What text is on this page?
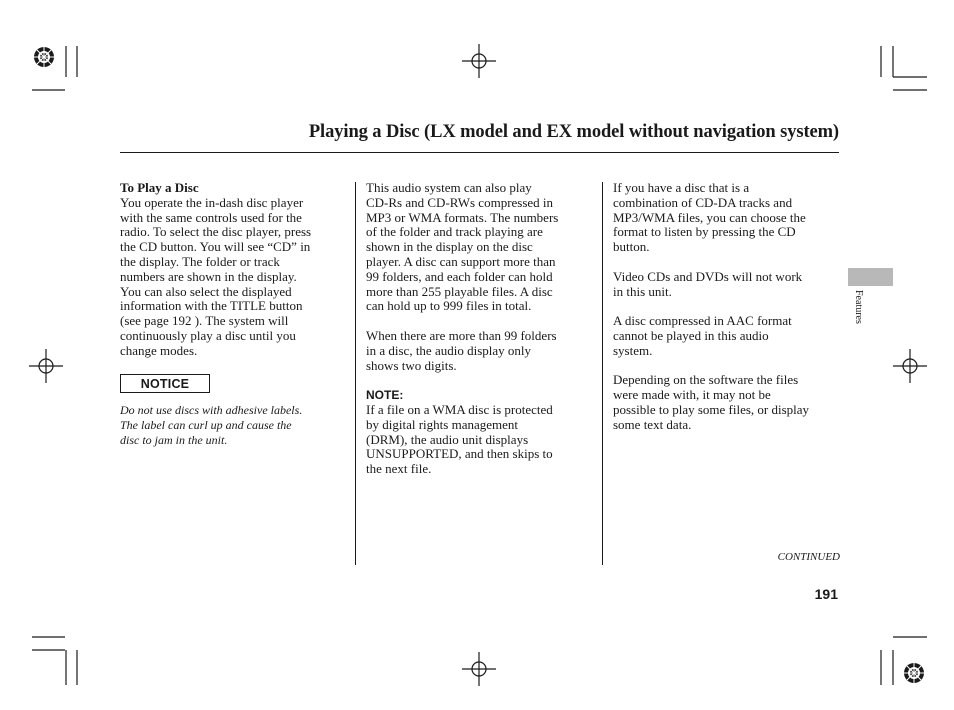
Playing a Disc (LX model and EX model without navigation system)

To Play a Disc

You operate the in-dash disc player

with the same controls used for the

radio. To select the disc player, press

the CD button. You will see “CD” in

the display. The folder or track

numbers are shown in the display.

You can also select the displayed

information with the TITLE button

(see page 192 ). The system will

continuously play a disc until you

change modes.

NOTICE

Do not use discs with adhesive labels.

The label can curl up and cause the

disc to jam in the unit.

This audio system can also play

CD-Rs and CD-RWs compressed in

MP3 or WMA formats. The numbers

of the folder and track playing are

shown in the display on the disc

player. A disc can support more than

99 folders, and each folder can hold

more than 255 playable files. A disc

can hold up to 999 files in total.

When there are more than 99 folders

in a disc, the audio display only

shows two digits.

NOTE:

If a file on a WMA disc is protected

by digital rights management

(DRM), the audio unit displays

UNSUPPORTED, and then skips to

the next file.

If you have a disc that is a

combination of CD-DA tracks and

MP3/WMA files, you can choose the

format to listen by pressing the CD

button.

Video CDs and DVDs will not work

in this unit.

A disc compressed in AAC format

cannot be played in this audio

system.

Depending on the software the files

were made with, it may not be

possible to play some files, or display

some text data.

Features
CONTINUED
191
